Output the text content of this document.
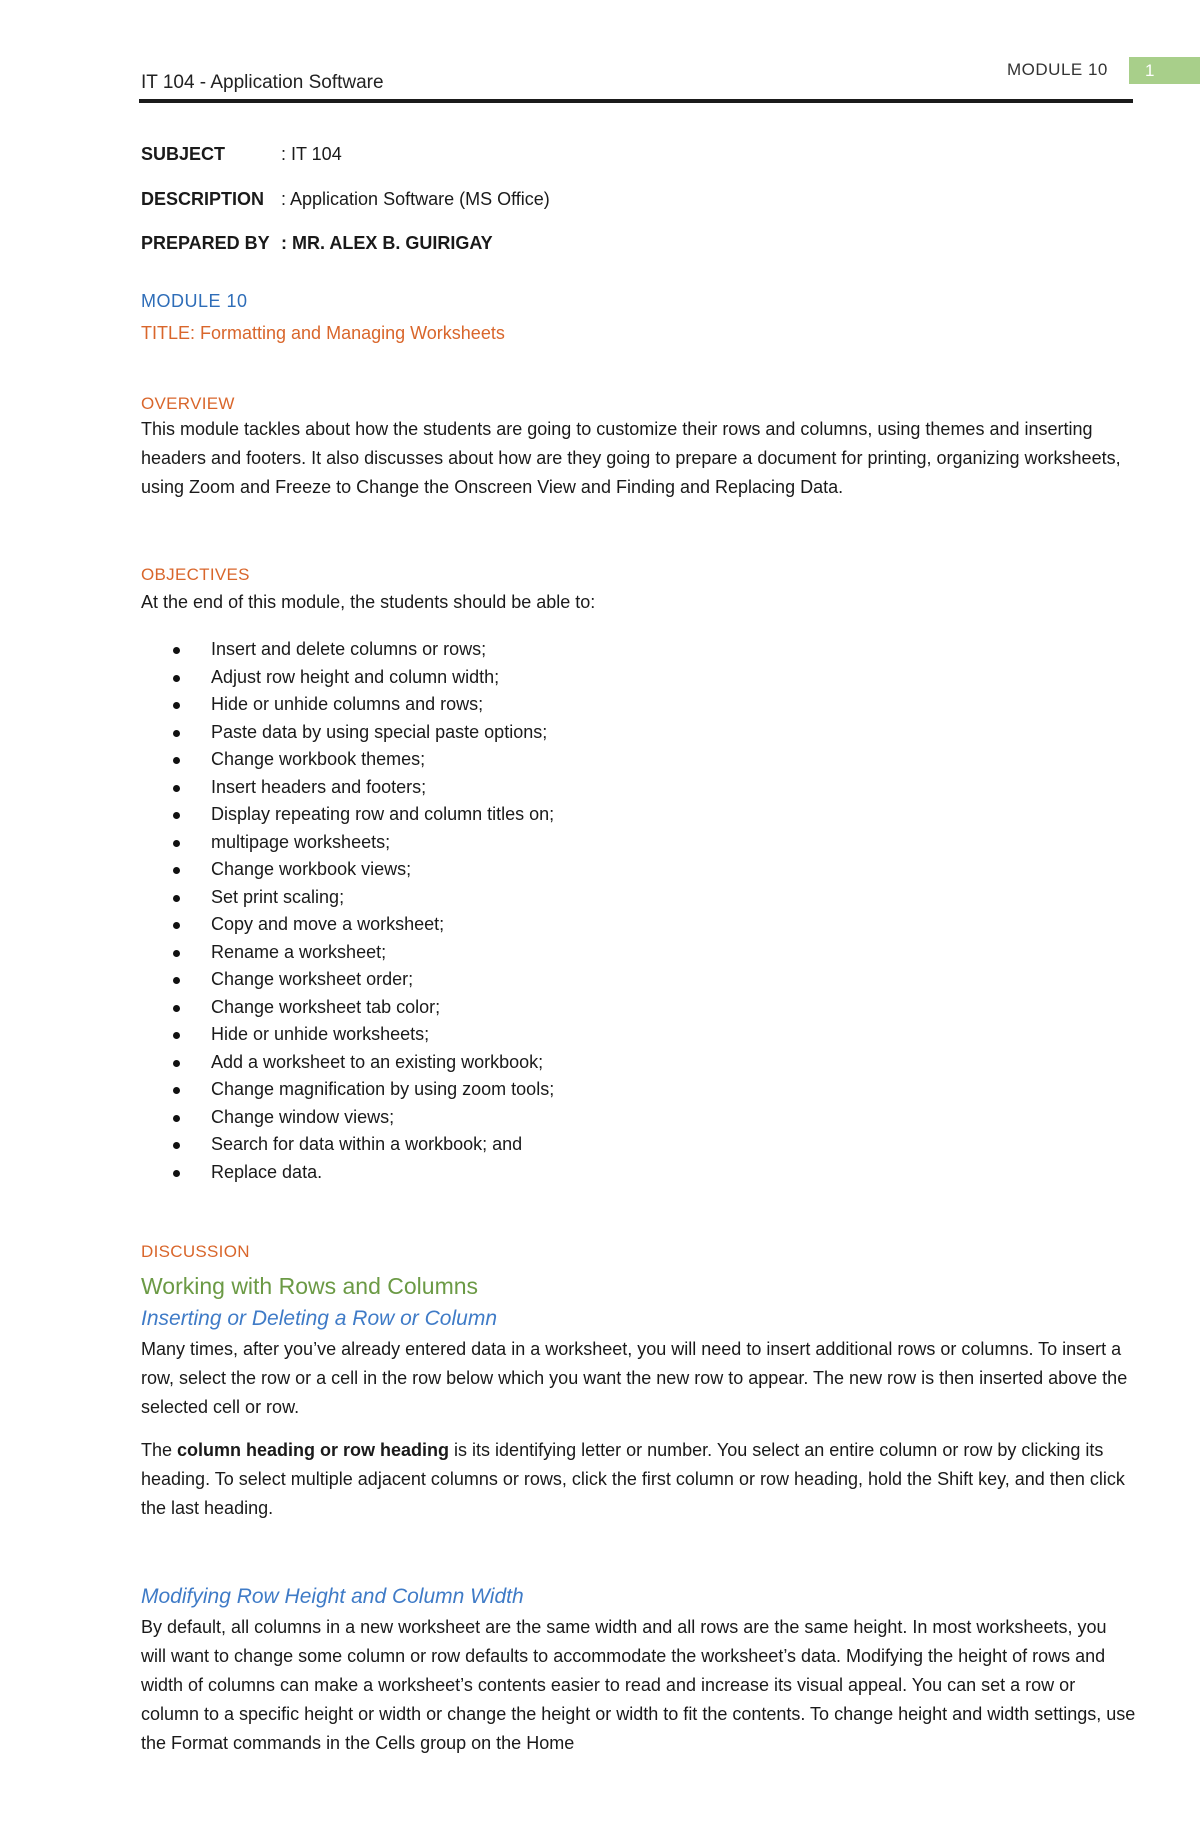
IT 104 - Application Software
MODULE 10	1
SUBJECT	: IT 104
DESCRIPTION : Application Software (MS Office)
PREPARED BY : MR. ALEX B. GUIRIGAY
MODULE 10
TITLE: Formatting and Managing Worksheets
OVERVIEW
This module tackles about how the students are going to customize their rows and columns, using themes and inserting headers and footers. It also discusses about how are they going to prepare a document for printing, organizing worksheets, using Zoom and Freeze to Change the Onscreen View and Finding and Replacing Data.
OBJECTIVES
At the end of this module, the students should be able to:
Insert and delete columns or rows;
Adjust row height and column width;
Hide or unhide columns and rows;
Paste data by using special paste options;
Change workbook themes;
Insert headers and footers;
Display repeating row and column titles on;
multipage worksheets;
Change workbook views;
Set print scaling;
Copy and move a worksheet;
Rename a worksheet;
Change worksheet order;
Change worksheet tab color;
Hide or unhide worksheets;
Add a worksheet to an existing workbook;
Change magnification by using zoom tools;
Change window views;
Search for data within a workbook; and
Replace data.
DISCUSSION
Working with Rows and Columns
Inserting or Deleting a Row or Column
Many times, after you’ve already entered data in a worksheet, you will need to insert additional rows or columns. To insert a row, select the row or a cell in the row below which you want the new row to appear. The new row is then inserted above the selected cell or row.
The column heading or row heading is its identifying letter or number. You select an entire column or row by clicking its heading. To select multiple adjacent columns or rows, click the first column or row heading, hold the Shift key, and then click the last heading.
Modifying Row Height and Column Width
By default, all columns in a new worksheet are the same width and all rows are the same height. In most worksheets, you will want to change some column or row defaults to accommodate the worksheet’s data. Modifying the height of rows and width of columns can make a worksheet’s contents easier to read and increase its visual appeal. You can set a row or column to a specific height or width or change the height or width to fit the contents. To change height and width settings, use the Format commands in the Cells group on the Home
